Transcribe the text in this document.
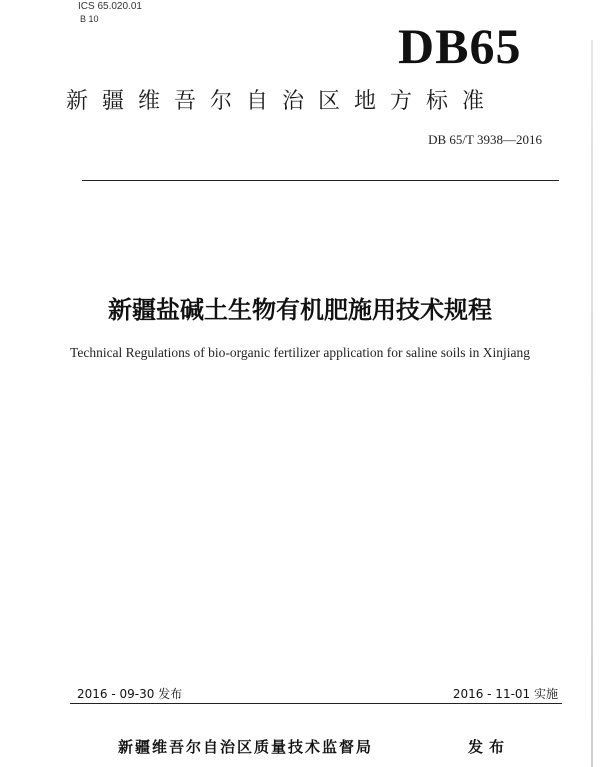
ICS 65.020.01
B 10	DB65
新疆维吾尔自治区地方标准
DB 65/T 3938—2016
新疆盐碱土生物有机肥施用技术规程
Technical Regulations of bio-organic fertilizer application for saline soils in Xinjiang
2016 - 09-30 发布	2016 - 11-01 实施
新疆维吾尔自治区质量技术监督局	发布
